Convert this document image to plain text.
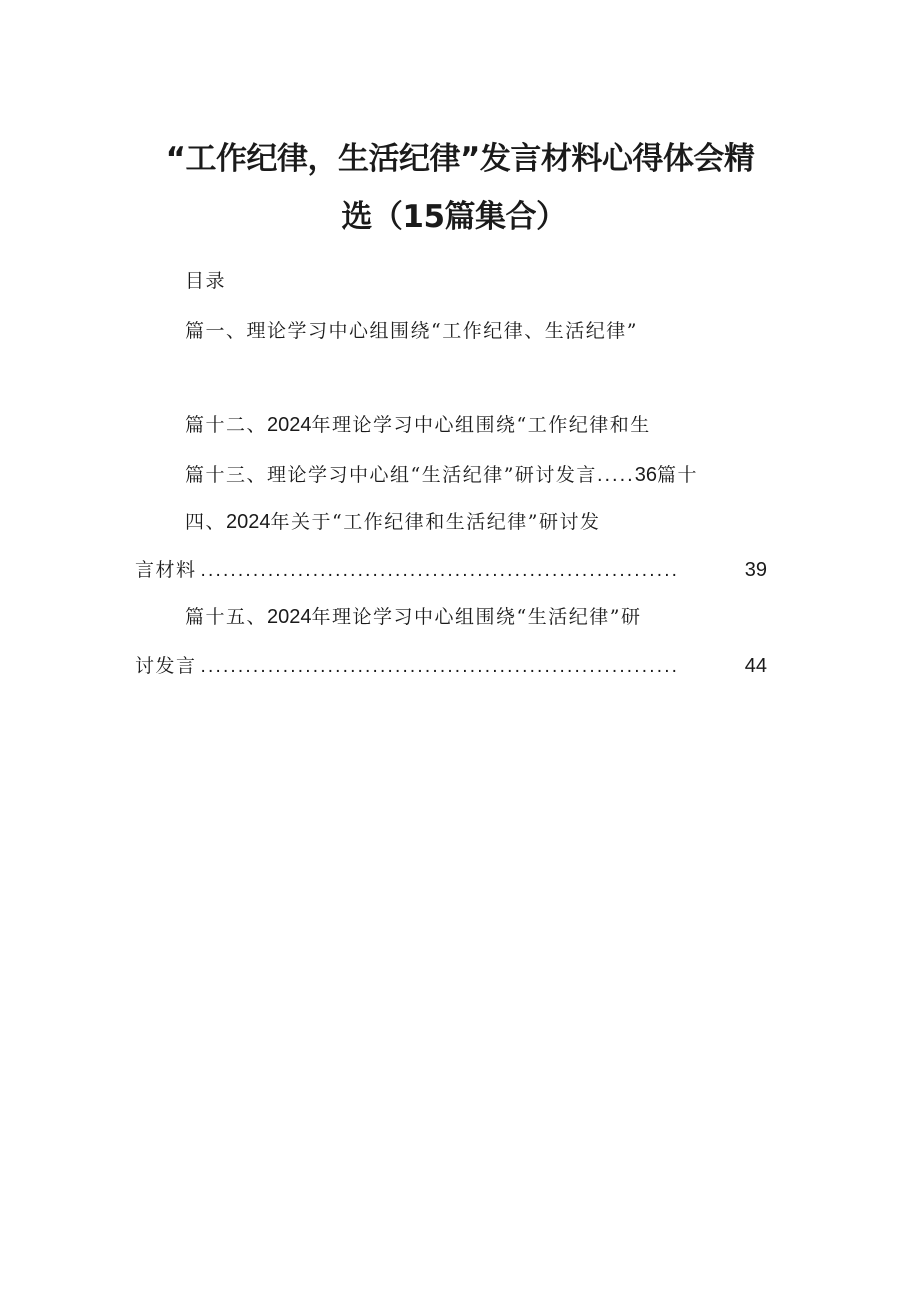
“工作纪律，生活纪律”发言材料心得体会精
选（15篇集合）
目录
篇一、理论学习中心组围绕“工作纪律、生活纪律”
篇十二、2024年理论学习中心组围绕“工作纪律和生
篇十三、理论学习中心组“生活纪律”研讨发言.....36篇十
四、2024年关于“工作纪律和生活纪律”研讨发
言材料 ................................................................	39
篇十五、2024年理论学习中心组围绕“生活纪律”研
讨发言 ................................................................	44
